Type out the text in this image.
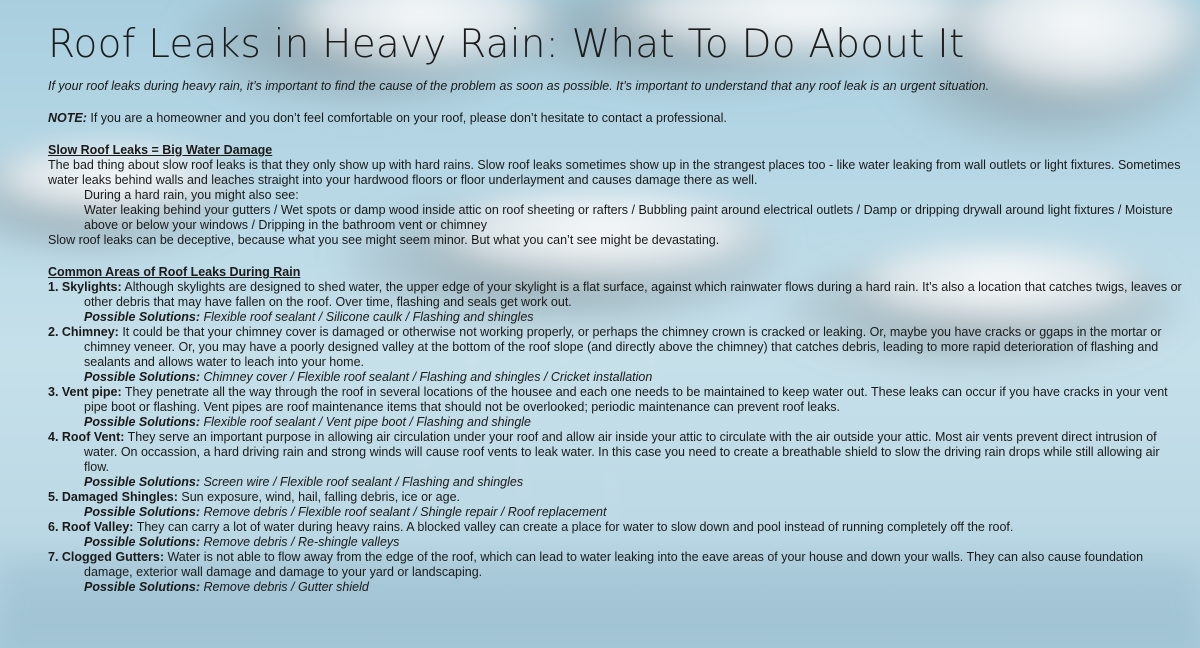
Roof Leaks in Heavy Rain: What To Do About It

If your roof leaks during heavy rain, it’s important to find the cause of the problem as soon as possible. It’s important to understand that any roof leak is an urgent situation.

NOTE: If you are a homeowner and you don’t feel comfortable on your roof, please don’t hesitate to contact a professional.

Slow Roof Leaks = Big Water Damage

The bad thing about slow roof leaks is that they only show up with hard rains. Slow roof leaks sometimes show up in the strangest places too - like water leaking from wall outlets or light fixtures. Sometimes water leaks behind walls and leaches straight into your hardwood floors or floor underlayment and causes damage there as well.

During a hard rain, you might also see:

Water leaking behind your gutters / Wet spots or damp wood inside attic on roof sheeting or rafters / Bubbling paint around electrical outlets / Damp or dripping drywall around light fixtures / Moisture above or below your windows / Dripping in the bathroom vent or chimney

Slow roof leaks can be deceptive, because what you see might seem minor. But what you can’t see might be devastating.

Common Areas of Roof Leaks During Rain

1. Skylights: Although skylights are designed to shed water, the upper edge of your skylight is a flat surface, against which rainwater flows during a hard rain. It’s also a location that catches twigs, leaves or other debris that may have fallen on the roof. Over time, flashing and seals get work out.
Possible Solutions: Flexible roof sealant / Silicone caulk / Flashing and shingles
2. Chimney: It could be that your chimney cover is damaged or otherwise not working properly, or perhaps the chimney crown is cracked or leaking. Or, maybe you have cracks or ggaps in the mortar or chimney veneer. Or, you may have a poorly designed valley at the bottom of the roof slope (and directly above the chimney) that catches debris, leading to more rapid deterioration of flashing and sealants and allows water to leach into your home.
Possible Solutions: Chimney cover / Flexible roof sealant / Flashing and shingles / Cricket installation
3. Vent pipe: They penetrate all the way through the roof in several locations of the housee and each one needs to be maintained to keep water out. These leaks can occur if you have cracks in your vent pipe boot or flashing. Vent pipes are roof maintenance items that should not be overlooked; periodic maintenance can prevent roof leaks.
Possible Solutions: Flexible roof sealant / Vent pipe boot / Flashing and shingle
4. Roof Vent: They serve an important purpose in allowing air circulation under your roof and allow air inside your attic to circulate with the air outside your attic. Most air vents prevent direct intrusion of water. On occassion, a hard driving rain and strong winds will cause roof vents to leak water. In this case you need to create a breathable shield to slow the driving rain drops while still allowing air flow.
Possible Solutions: Screen wire / Flexible roof sealant / Flashing and shingles
5. Damaged Shingles: Sun exposure, wind, hail, falling debris, ice or age.
Possible Solutions: Remove debris / Flexible roof sealant / Shingle repair / Roof replacement
6. Roof Valley: They can carry a lot of water during heavy rains. A blocked valley can create a place for water to slow down and pool instead of running completely off the roof.
Possible Solutions: Remove debris / Re-shingle valleys
7. Clogged Gutters: Water is not able to flow away from the edge of the roof, which can lead to water leaking into the eave areas of your house and down your walls. They can also cause foundation damage, exterior wall damage and damage to your yard or landscaping.
Possible Solutions: Remove debris / Gutter shield
